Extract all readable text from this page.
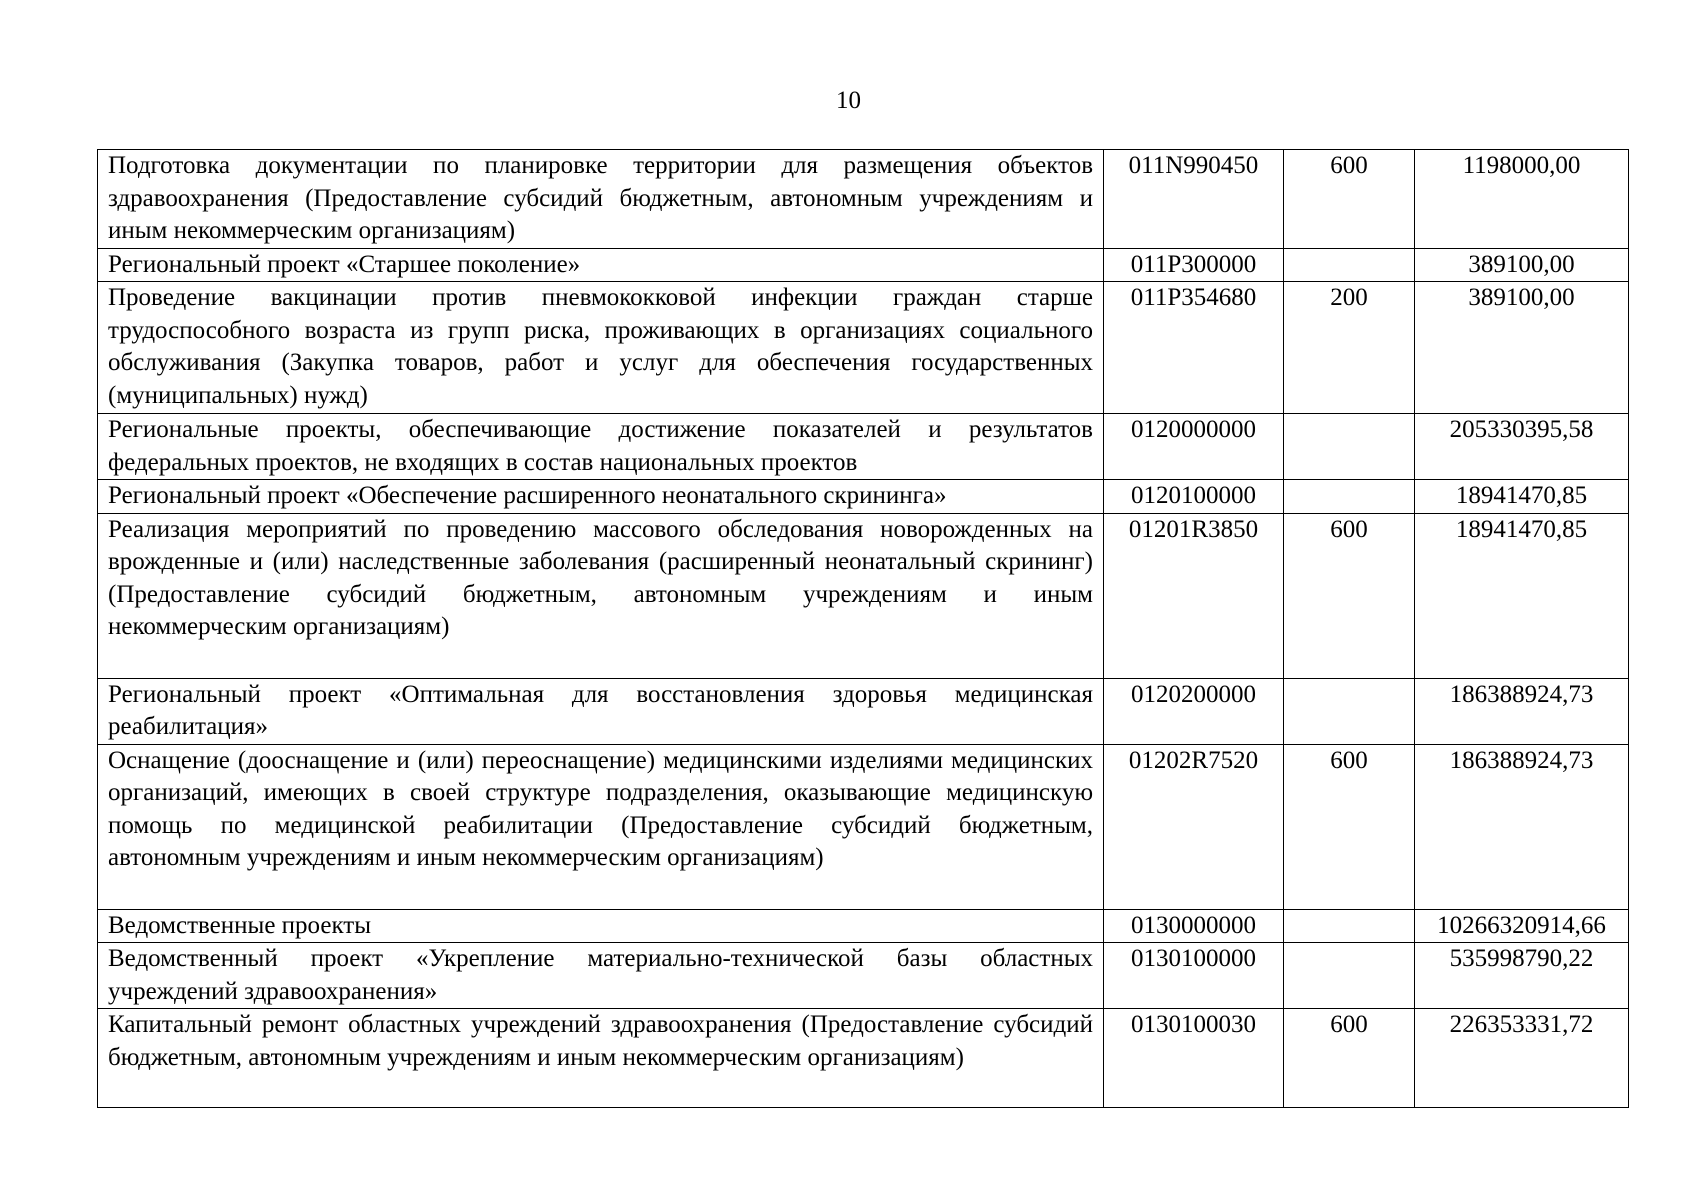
10
Подготовка документации по планировке территории для размещения объектов здравоохранения (Предоставление субсидий бюджетным, автономным учреждениям и иным некоммерческим организациям)	011N990450	600	1198000,00
Региональный проект «Старшее поколение»	011P300000		389100,00
Проведение вакцинации против пневмококковой инфекции граждан старше трудоспособного возраста из групп риска, проживающих в организациях социального обслуживания (Закупка товаров, работ и услуг для обеспечения государственных (муниципальных) нужд)	011P354680	200	389100,00
Региональные проекты, обеспечивающие достижение показателей и результатов федеральных проектов, не входящих в состав национальных проектов	0120000000		205330395,58
Региональный проект «Обеспечение расширенного неонатального скрининга»	0120100000		18941470,85
Реализация мероприятий по проведению массового обследования новорожденных на врожденные и (или) наследственные заболевания (расширенный неонатальный скрининг) (Предоставление субсидий бюджетным, автономным учреждениям и иным некоммерческим организациям)	01201R3850	600	18941470,85
Региональный проект «Оптимальная для восстановления здоровья медицинская реабилитация»	0120200000		186388924,73
Оснащение (дооснащение и (или) переоснащение) медицинскими изделиями медицинских организаций, имеющих в своей структуре подразделения, оказывающие медицинскую помощь по медицинской реабилитации (Предоставление субсидий бюджетным, автономным учреждениям и иным некоммерческим организациям)	01202R7520	600	186388924,73
Ведомственные проекты	0130000000		10266320914,66
Ведомственный проект «Укрепление материально-технической базы областных учреждений здравоохранения»	0130100000		535998790,22
Капитальный ремонт областных учреждений здравоохранения (Предоставление субсидий бюджетным, автономным учреждениям и иным некоммерческим организациям)	0130100030	600	226353331,72
